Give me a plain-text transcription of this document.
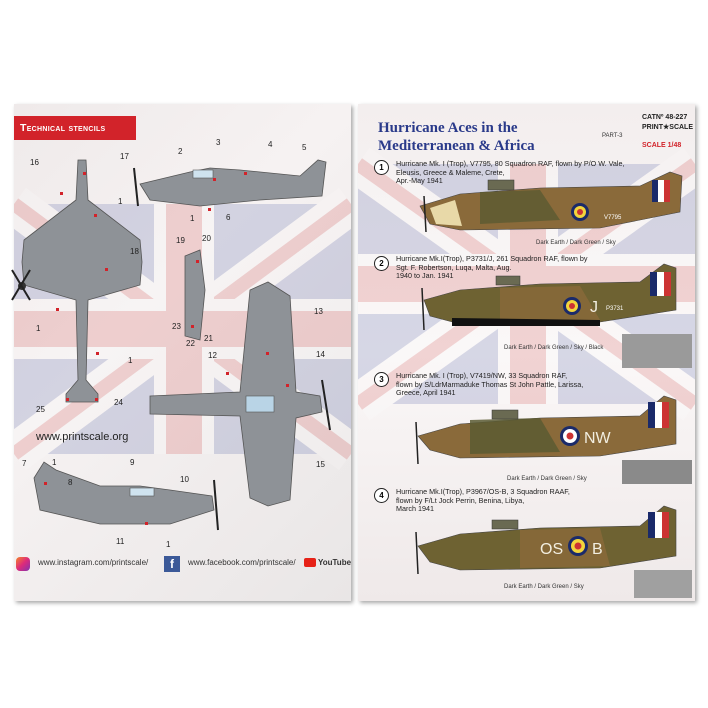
Technical stencils
16
17
1
18
1
1
25
24
2
3	4	5
1	6
19 20
23
22
21
13
12	14
15
7	1
8
9
10
11	1
www.printscale.org
www.instagram.com/printscale/	f	www.facebook.com/printscale/	YouTube
Hurricane Aces in the
Mediterranean & Africa
PART-3
CATNº 48-227
PRINT★SCALE
SCALE 1/48
1	Hurricane Mk. I (Trop), V7795, 80 Squadron RAF, flown by P/O W. Vale,
Eleusis, Greece & Maleme, Crete,
Apr.-May 1941
2
Hurricane Mk.I(Trop), P3731/J, 261 Squadron RAF, flown by
Sgt. F. Robertson, Luqa, Malta, Aug.
1940 to Jan. 1941
3	Hurricane Mk. I (Trop), V7419/NW, 33 Squadron RAF,
flown by S/LdrMarmaduke Thomas St John Pattle, Larissa,
Greece, April 1941
4	Hurricane Mk.I(Trop), P3967/OS-B, 3 Squadron RAAF,
flown by F/Lt Jock Perrin, Benina, Libya,
March 1941
V7795
J P3731
NW
OS B
Dark Earth / Dark Green / Sky
Dark Earth / Dark Green / Sky / Black
Dark Earth / Dark Green / Sky
Dark Earth / Dark Green / Sky
